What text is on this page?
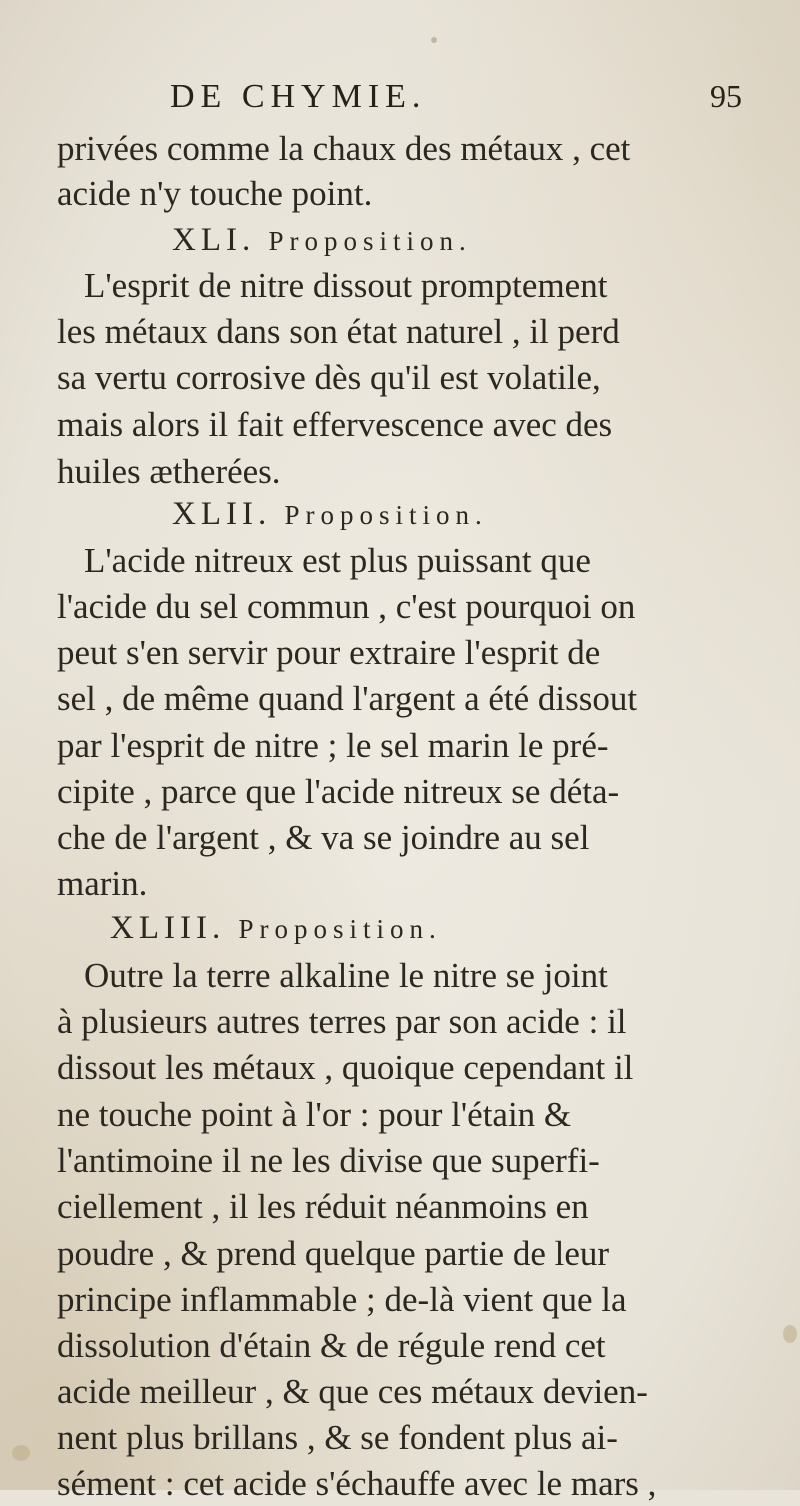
DE CHYMIE.	95
privées comme la chaux des métaux , cet
acide n'y touche point.
XLI. Proposition.
L'esprit de nitre dissout promptement
les métaux dans son état naturel , il perd
sa vertu corrosive dès qu'il est volatile,
mais alors il fait effervescence avec des
huiles ætherées.
XLII. Proposition.
L'acide nitreux est plus puissant que
l'acide du sel commun , c'est pourquoi on
peut s'en servir pour extraire l'esprit de
sel , de même quand l'argent a été dissout
par l'esprit de nitre ; le sel marin le pré-
cipite , parce que l'acide nitreux se déta-
che de l'argent , & va se joindre au sel
marin.
XLIII. Proposition.
Outre la terre alkaline le nitre se joint
à plusieurs autres terres par son acide : il
dissout les métaux , quoique cependant il
ne touche point à l'or : pour l'étain &
l'antimoine il ne les divise que superfi-
ciellement , il les réduit néanmoins en
poudre , & prend quelque partie de leur
principe inflammable ; de-là vient que la
dissolution d'étain & de régule rend cet
acide meilleur , & que ces métaux devien-
nent plus brillans , & se fondent plus ai-
sément : cet acide s'échauffe avec le mars ,
